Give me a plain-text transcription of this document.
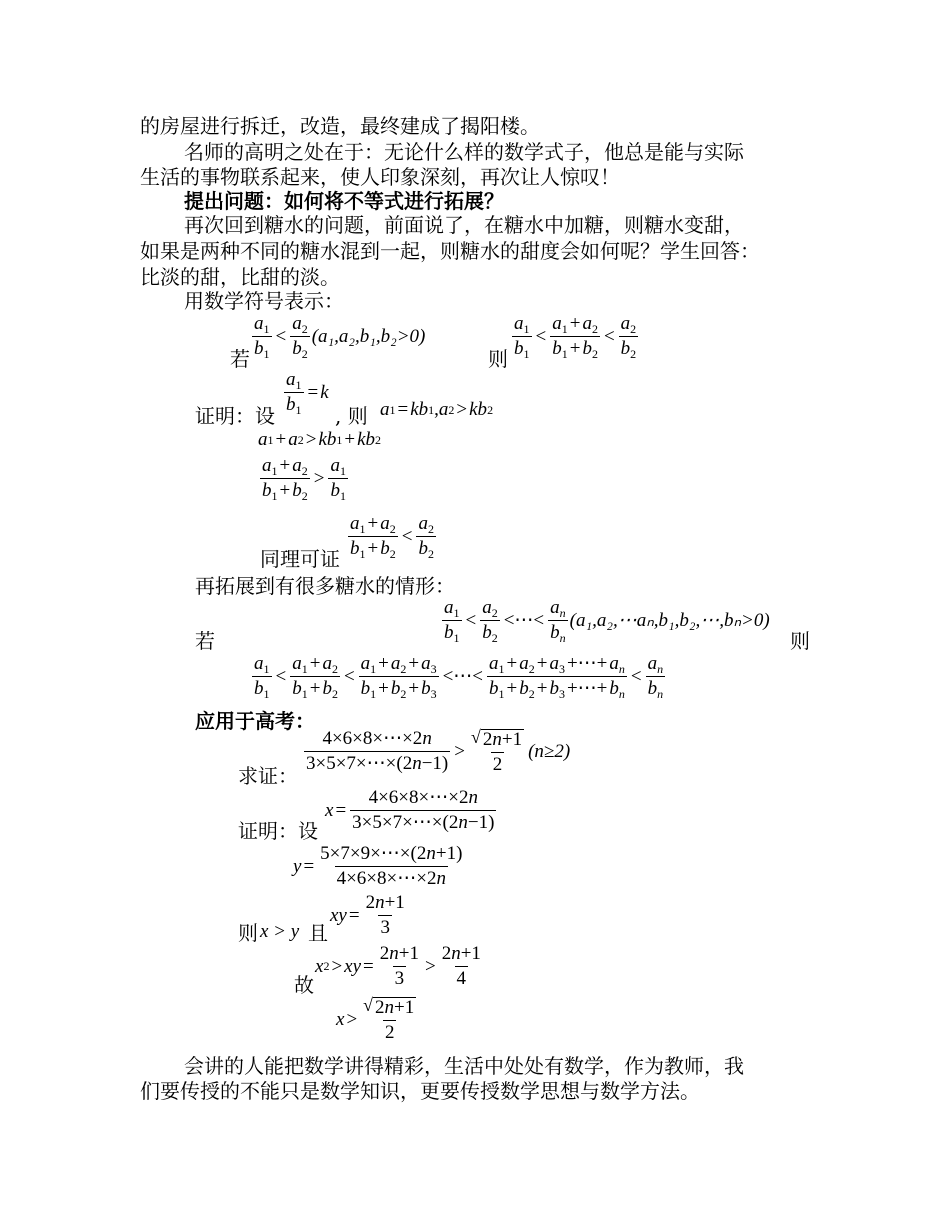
的房屋进行拆迁，改造，最终建成了揭阳楼。
名师的高明之处在于：无论什么样的数学式子，他总是能与实际
生活的事物联系起来，使人印象深刻，再次让人惊叹！
提出问题：如何将不等式进行拓展？
再次回到糖水的问题，前面说了，在糖水中加糖，则糖水变甜，
如果是两种不同的糖水混到一起，则糖水的甜度会如何呢？学生回答：
比淡的甜，比甜的淡。
用数学符号表示：
若
$a_1$
$b_1$
<
$a_2$
$b_2$
(a₁,a₂,b₁,b₂>0)
则
$a_1$
$b_1$
<
$a_1 + a_2$
$b_1 + b_2$
<
$a_2$
$b_2$
证明：设
$\frac{a_1}{b_1} = k$
, 则 a 1 = kb 1 , a 2 > kb 2
a 1 + a 2 > kb 1 + kb 2
$a_1 + a_2$
$b_1 + b_2$
>
$a_1$
$b_1$
同理可证
$a_1 + a_2$
$b_1 + b_2$
<
$a_2$
$b_2$
再拓展到有很多糖水的情形：
若
$a_1$
$b_1$
<
$a_2$
$b_2$
<⋯<
$a_n$
$b_n$
(a₁,a₂,⋯aₙ,b₁,b₂,⋯,bₙ>0)
则
$a_1$
$b_1$
<
$a_1 + a_2$
$b_1 + b_2$
<
$a_1 + a_2 + a_3$
$b_1 + b_2 + b_3$
<⋯<
$a_1 + a_2 + a_3$ +⋯+ $a_n$
$b_1 + b_2 + b_3$ +⋯+ $b_n$
<
$a_n$
$b_n$
应用于高考：
求证：
4×6×8×⋯×2n
3×5×7×⋯×(2n−1)
>
√ 2n+1
2
(n≥2)
证明：设
$x = \frac{4\times 6\times 8\times\cdots\times 2n}{3\times 5\times 7\times\cdots\times(2n-1)}$
$y = \frac{5\times 7\times 9\times\cdots\times(2n+1)}{4\times 6\times 8\times\cdots\times 2n}$
则 x > y 且
xy = $\frac{2n+1}{3}$
故
x 2 > xy = $\frac{2n+1}{3}$ >
2n+1
4
x >
√ 2n+1
2
会讲的人能把数学讲得精彩，生活中处处有数学，作为教师，我
们要传授的不能只是数学知识，更要传授数学思想与数学方法。
